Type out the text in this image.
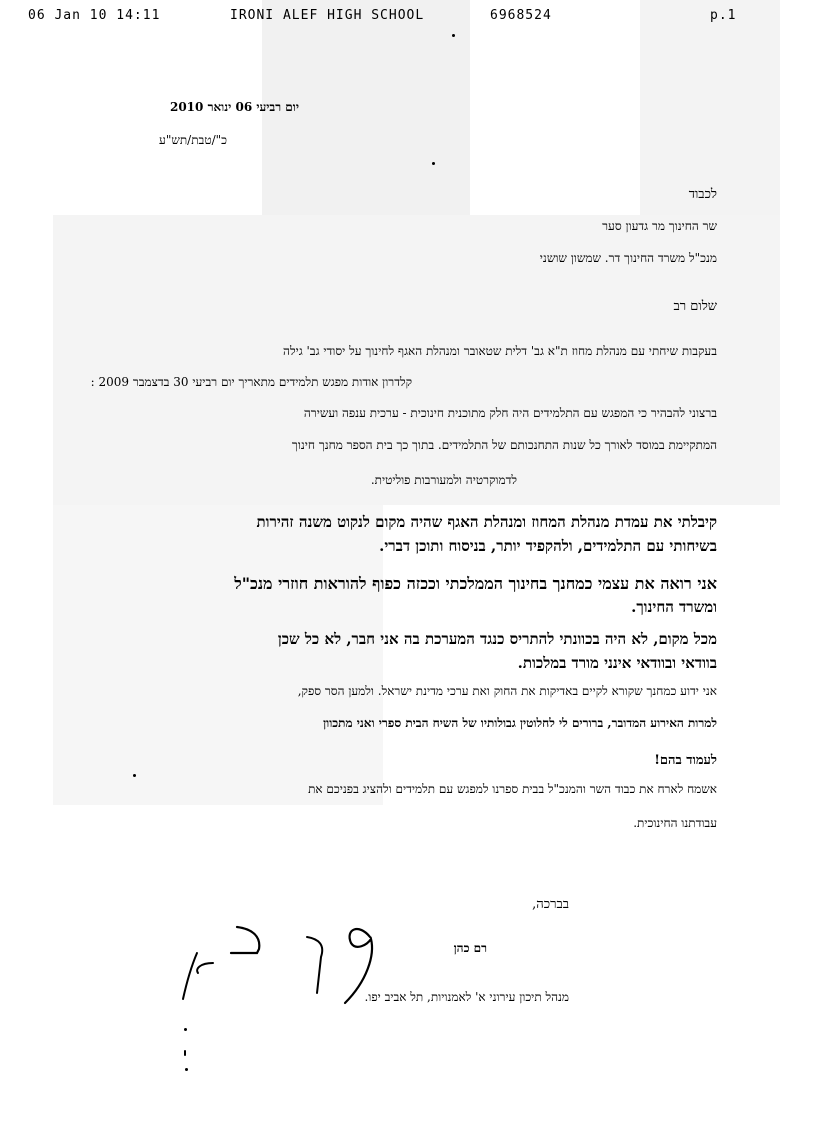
06 Jan 10 14:11	IRONI ALEF HIGH SCHOOL	6968524	p.1
יום רביעי 06 ינואר 2010
כ"/טבת/תש"ע
לכבוד
שר החינוך מר גדעון סער
מנכ"ל משרד החינוך דר. שמשון שושני
שלום רב
בעקבות שיחתי עם מנהלת מחוז ת"א גב' דלית שטאובר ומנהלת האגף לחינוך על יסודי גב' גילה
קלדרון אודות מפגש תלמידים מתאריך יום רביעי 30 בדצמבר 2009 :
ברצוני להבהיר כי המפגש עם התלמידים היה חלק מתוכנית חינוכית - ערכית ענפה ועשירה
המתקיימת במוסד לאורך כל שנות התחנכותם של התלמידים. בתוך כך בית הספר מחנך חינוך
לדמוקרטיה ולמעורבות פוליטית.
קיבלתי את עמדת מנהלת המחוז ומנהלת האגף שהיה מקום לנקוט משנה זהירות
בשיחותי עם התלמידים, ולהקפיד יותר, בניסוח ותוכן דברי.
אני רואה את עצמי כמחנך בחינוך הממלכתי וככזה כפוף להוראות חוזרי מנכ"ל
ומשרד החינוך.
מכל מקום, לא היה בכוונתי להתריס כנגד המערכת בה אני חבר, לא כל שכן
בוודאי ובוודאי אינני מורד במלכות.
אני ידוע כמחנך שקורא לקיים באדיקות את החוק ואת ערכי מדינת ישראל. ולמען הסר ספק,
למרות האירוע המדובר, ברורים לי לחלוטין גבולותיו של השיח הבית ספרי ואני מתכוון
לעמוד בהם!
אשמח לארח את כבוד השר והמנכ"ל בבית ספרנו למפגש עם תלמידים ולהציג בפניכם את
עבודתנו החינוכית.
בברכה,
רם כהן
מנהל תיכון עירוני א' לאמנויות, תל אביב יפו.
